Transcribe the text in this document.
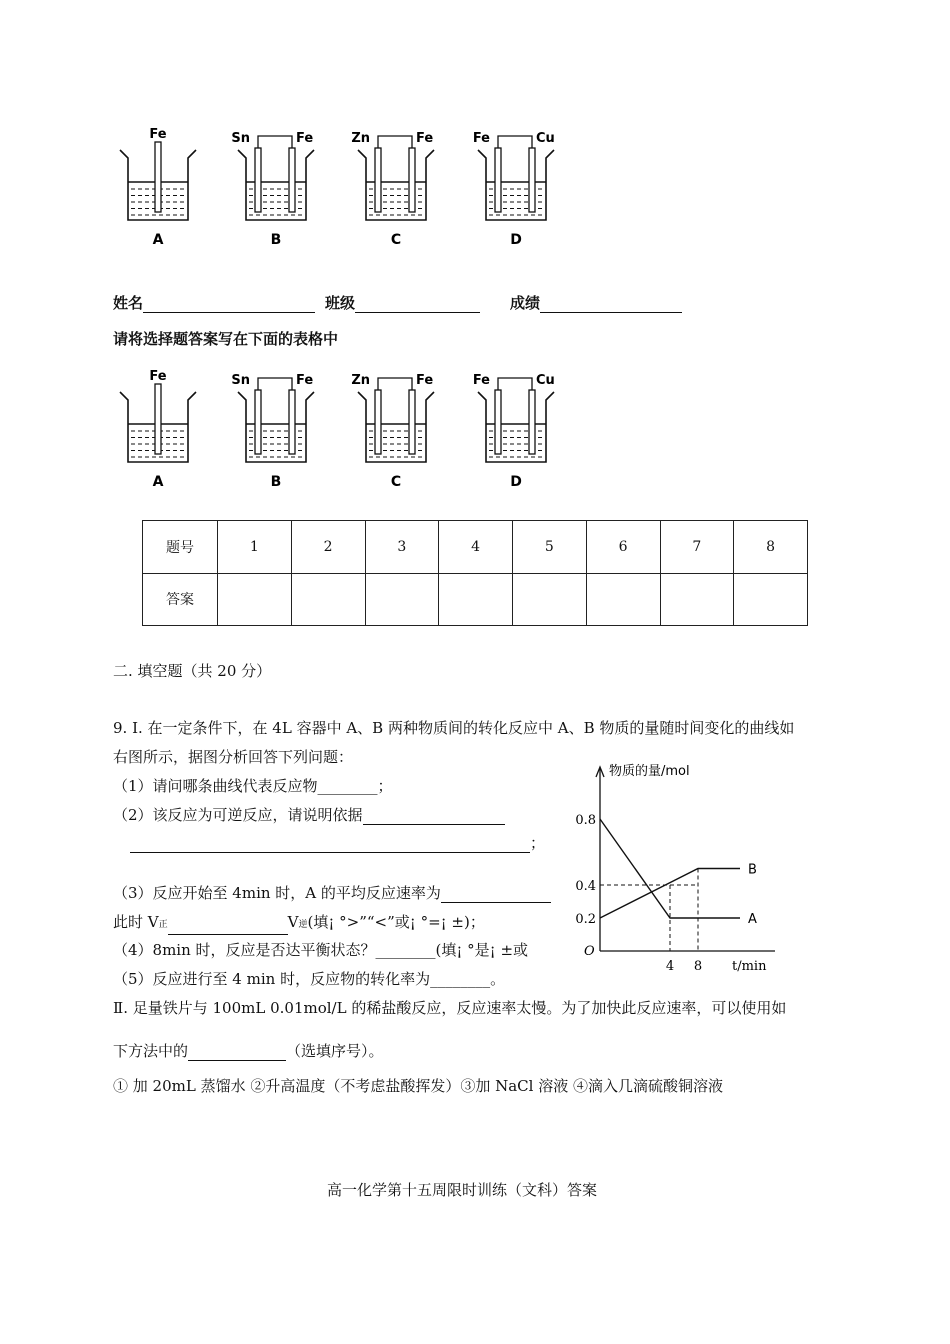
Fe
A
Sn	Fe
B
Zn	Fe
C
Fe	Cu
D
姓名	班级	成绩
请将选择题答案写在下面的表格中
Fe
A
Sn	Fe
B
Zn	Fe
C
Fe	Cu
D
题号	1	2	3	4	5	6	7	8
答案								
二. 填空题（共 20 分）
9. Ⅰ. 在一定条件下，在 4L 容器中 A、B 两种物质间的转化反应中 A、B 物质的量随时间变化的曲线如
右图所示，据图分析回答下列问题：
（1）请问哪条曲线代表反应物________；
（2）该反应为可逆反应，请说明依据
；
（3）反应开始至 4min 时，A 的平均反应速率为
此时 V正	V逆(填¡ °>”“<”或¡ °=¡ ±)；
（4）8min 时，反应是否达平衡状态？________(填¡ °是¡ ±或
（5）反应进行至 4 min 时，反应物的转化率为________。
Ⅱ. 足量铁片与 100mL 0.01mol/L 的稀盐酸反应，反应速率太慢。为了加快此反应速率，可以使用如
下方法中的	（选填序号）。
① 加 20mL 蒸馏水 ②升高温度（不考虑盐酸挥发）③加 NaCl 溶液 ④滴入几滴硫酸铜溶液
高一化学第十五周限时训练（文科）答案
物质的量/mol
t/min
O
0.8
0.4
0.2
4 8
A
B
